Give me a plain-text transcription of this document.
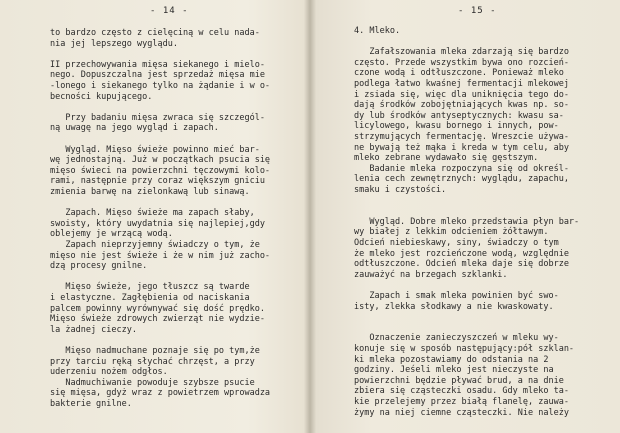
- 14 -
to bardzo często z cielęciną w celu nada-
nia jej lepszego wyglądu.
II przechowywania mięsa siekanego i mielo-
nego. Dopuszczalna jest sprzedaż mięsa mie
-lonego i siekanego tylko na żądanie i w o-
becności kupującego.
Przy badaniu mięsa zwraca się szczegól-
ną uwagę na jego wygląd i zapach.
Wygląd. Mięso świeże powinno mieć bar-
wę jednostajną. Już w początkach psucia się
mięso świeci na powierzchni tęczowymi kolo-
rami, następnie przy coraz większym gniciu
zmienia barwę na zielonkawą lub sinawą.
Zapach. Mięso świeże ma zapach słaby,
swoisty, który uwydatnia się najlepiej,gdy
oblejemy je wrzącą wodą.
Zapach nieprzyjemny świadczy o tym, że
mięso nie jest świeże i że w nim już zacho-
dzą procesy gnilne.
Mięso świeże, jego tłuszcz są twarde
i elastyczne. Zagłębienia od naciskania
palcem powinny wyrównywać się dość prędko.
Mięso świeże zdrowych zwierząt nie wydzie-
la żadnej cieczy.
Mięso nadmuchane poznaje się po tym,że
przy tarciu ręką słychać chrzęst, a przy
uderzeniu nożem odgłos.
Nadmuchiwanie powoduje szybsze psucie
się mięsa, gdyż wraz z powietrzem wprowadza
bakterie gnilne.
- 15 -
4. Mleko.
Zafałszowania mleka zdarzają się bardzo
często. Przede wszystkim bywa ono rozcień-
czone wodą i odtłuszczone. Ponieważ mleko
podlega łatwo kwaśnej fermentacji mlekowej
i zsiada się, więc dla uniknięcia tego do-
dają środków zobojętniających kwas np. so-
dy lub środków antyseptycznych: kwasu sa-
licylowego, kwasu bornego i innych, pow-
strzymujących fermentację. Wreszcie używa-
ne bywają też mąka i kreda w tym celu, aby
mleko zebrane wydawało się gęstszym.
Badanie mleka rozpoczyna się od określ-
lenia cech zewnętrznych: wyglądu, zapachu,
smaku i czystości.
Wygląd. Dobre mleko przedstawia płyn bar-
wy białej z lekkim odcieniem żółtawym.
Odcień niebieskawy, siny, świadczy o tym
że mleko jest rozcieńczone wodą, względnie
odtłuszczone. Odcień mleka daje się dobrze
zauważyć na brzegach szklanki.
Zapach i smak mleka powinien być swo-
isty, zlekka słodkawy a nie kwaskowaty.
Oznaczenie zanieczyszczeń w mleku wy-
konuje się w sposób następujący:pół szklan-
ki mleka pozostawiamy do odstania na 2
godziny. Jeśeli mleko jest nieczyste na
powierzchni będzie pływać brud, a na dnie
zbiera się cząsteczki osadu. Gdy mleko ta-
kie przelejemy przez białą flanelę, zauwa-
żymy na niej ciemne cząsteczki. Nie należy
